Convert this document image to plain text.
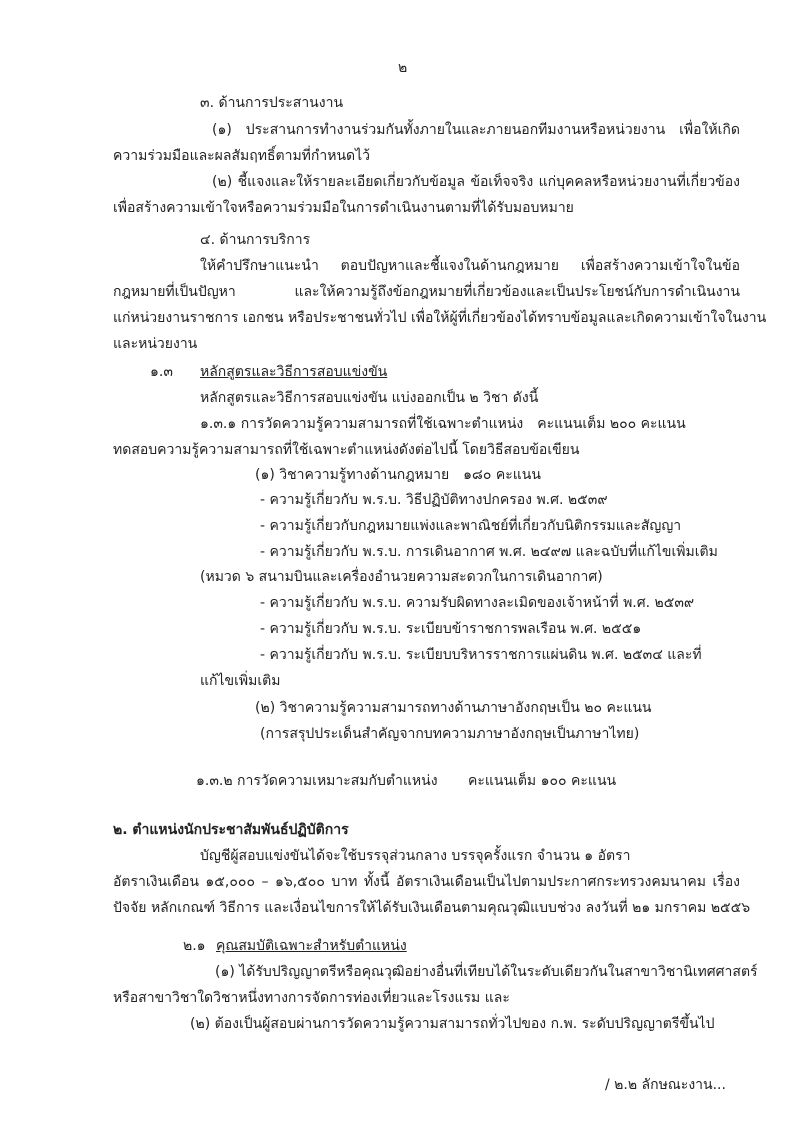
๒
๓. ด้านการประสานงาน
(๑) ประสานการทำงานร่วมกันทั้งภายในและภายนอกทีมงานหรือหน่วยงาน เพื่อให้เกิด
ความร่วมมือและผลสัมฤทธิ์ตามที่กำหนดไว้
(๒) ชี้แจงและให้รายละเอียดเกี่ยวกับข้อมูล ข้อเท็จจริง แก่บุคคลหรือหน่วยงานที่เกี่ยวข้อง
เพื่อสร้างความเข้าใจหรือความร่วมมือในการดำเนินงานตามที่ได้รับมอบหมาย
๔. ด้านการบริการ
ให้คำปรึกษาแนะนำ ตอบปัญหาและชี้แจงในด้านกฎหมาย เพื่อสร้างความเข้าใจในข้อ
กฎหมายที่เป็นปัญหา และให้ความรู้ถึงข้อกฎหมายที่เกี่ยวข้องและเป็นประโยชน์กับการดำเนินงาน
แก่หน่วยงานราชการ เอกชน หรือประชาชนทั่วไป เพื่อให้ผู้ที่เกี่ยวข้องได้ทราบข้อมูลและเกิดความเข้าใจในงาน
และหน่วยงาน
๑.๓	หลักสูตรและวิธีการสอบแข่งขัน
หลักสูตรและวิธีการสอบแข่งขัน แบ่งออกเป็น ๒ วิชา ดังนี้
๑.๓.๑ การวัดความรู้ความสามารถที่ใช้เฉพาะตำแหน่ง	คะแนนเต็ม ๒๐๐ คะแนน
ทดสอบความรู้ความสามารถที่ใช้เฉพาะตำแหน่งดังต่อไปนี้ โดยวิธีสอบข้อเขียน
(๑) วิชาความรู้ทางด้านกฎหมาย	๑๘๐ คะแนน
- ความรู้เกี่ยวกับ พ.ร.บ. วิธีปฏิบัติทางปกครอง พ.ศ. ๒๕๓๙
- ความรู้เกี่ยวกับกฎหมายแพ่งและพาณิชย์ที่เกี่ยวกับนิติกรรมและสัญญา
- ความรู้เกี่ยวกับ พ.ร.บ. การเดินอากาศ พ.ศ. ๒๔๙๗ และฉบับที่แก้ไขเพิ่มเติม
(หมวด ๖ สนามบินและเครื่องอำนวยความสะดวกในการเดินอากาศ)
- ความรู้เกี่ยวกับ พ.ร.บ. ความรับผิดทางละเมิดของเจ้าหน้าที่ พ.ศ. ๒๕๓๙
- ความรู้เกี่ยวกับ พ.ร.บ. ระเบียบข้าราชการพลเรือน พ.ศ. ๒๕๕๑
- ความรู้เกี่ยวกับ พ.ร.บ. ระเบียบบริหารราชการแผ่นดิน พ.ศ. ๒๕๓๔ และที่
แก้ไขเพิ่มเติม
(๒) วิชาความรู้ความสามารถทางด้านภาษาอังกฤษเป็น ๒๐ คะแนน
(การสรุปประเด็นสำคัญจากบทความภาษาอังกฤษเป็นภาษาไทย)
๑.๓.๒ การวัดความเหมาะสมกับตำแหน่ง	คะแนนเต็ม ๑๐๐ คะแนน
๒. ตำแหน่งนักประชาสัมพันธ์ปฏิบัติการ
บัญชีผู้สอบแข่งขันได้จะใช้บรรจุส่วนกลาง บรรจุครั้งแรก จำนวน ๑ อัตรา
อัตราเงินเดือน ๑๕,๐๐๐ – ๑๖,๕๐๐ บาท ทั้งนี้ อัตราเงินเดือนเป็นไปตามประกาศกระทรวงคมนาคม เรื่อง
ปัจจัย หลักเกณฑ์ วิธีการ และเงื่อนไขการให้ได้รับเงินเดือนตามคุณวุฒิแบบช่วง ลงวันที่ ๒๑ มกราคม ๒๕๕๖
๒.๑ คุณสมบัติเฉพาะสำหรับตำแหน่ง
(๑) ได้รับปริญญาตรีหรือคุณวุฒิอย่างอื่นที่เทียบได้ในระดับเดียวกันในสาขาวิชานิเทศศาสตร์
หรือสาขาวิชาใดวิชาหนึ่งทางการจัดการท่องเที่ยวและโรงแรม และ
(๒) ต้องเป็นผู้สอบผ่านการวัดความรู้ความสามารถทั่วไปของ ก.พ. ระดับปริญญาตรีขึ้นไป
/ ๒.๒ ลักษณะงาน...
